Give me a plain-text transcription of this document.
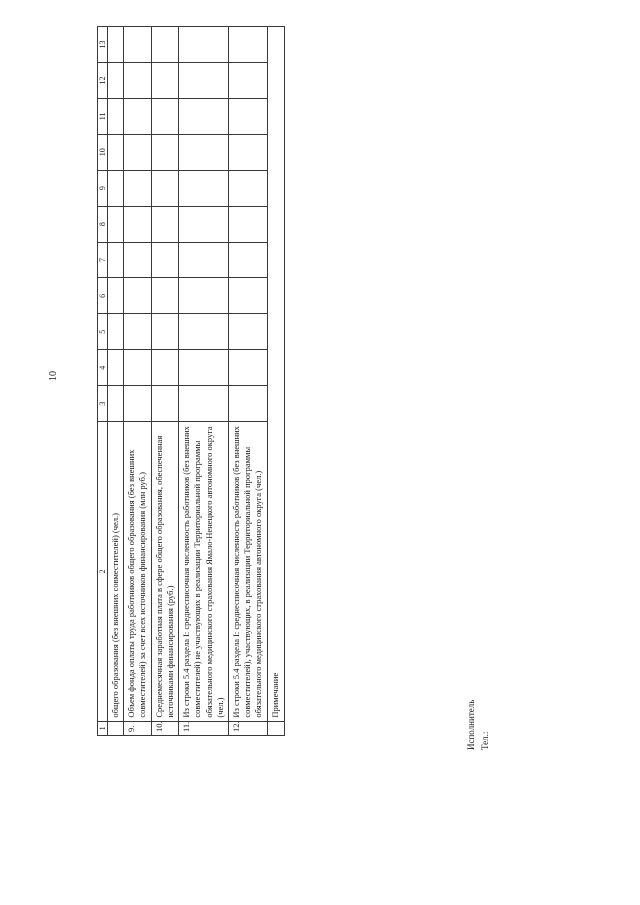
10
1	2	3	4	5	6	7	8	9	10	11	12	13
	общего образования (без внешних совместителей) (чел.)											
9.	Объем фонда оплаты труда работников общего образования (без внешних совместителей) за счет всех источников финансирования (млн руб.)											
10.	Среднемесячная заработная плата в сфере общего образования, обеспеченная источниками финансирования (руб.)											
11.	Из строки 5.4 раздела I: среднесписочная численность работников (без внешних совместителей) не участвующих в реализации Территориальной программы обязательного медицинского страхования Ямало-Ненецкого автономного округа (чел.)											
12.	Из строки 5.4 раздела I: среднесписочная численность работников (без внешних совместителей), участвующих, в реализации Территориальной программы обязательного медицинского страхования автономного округа (чел.)											
	Примечание											
Исполнитель Тел.:
